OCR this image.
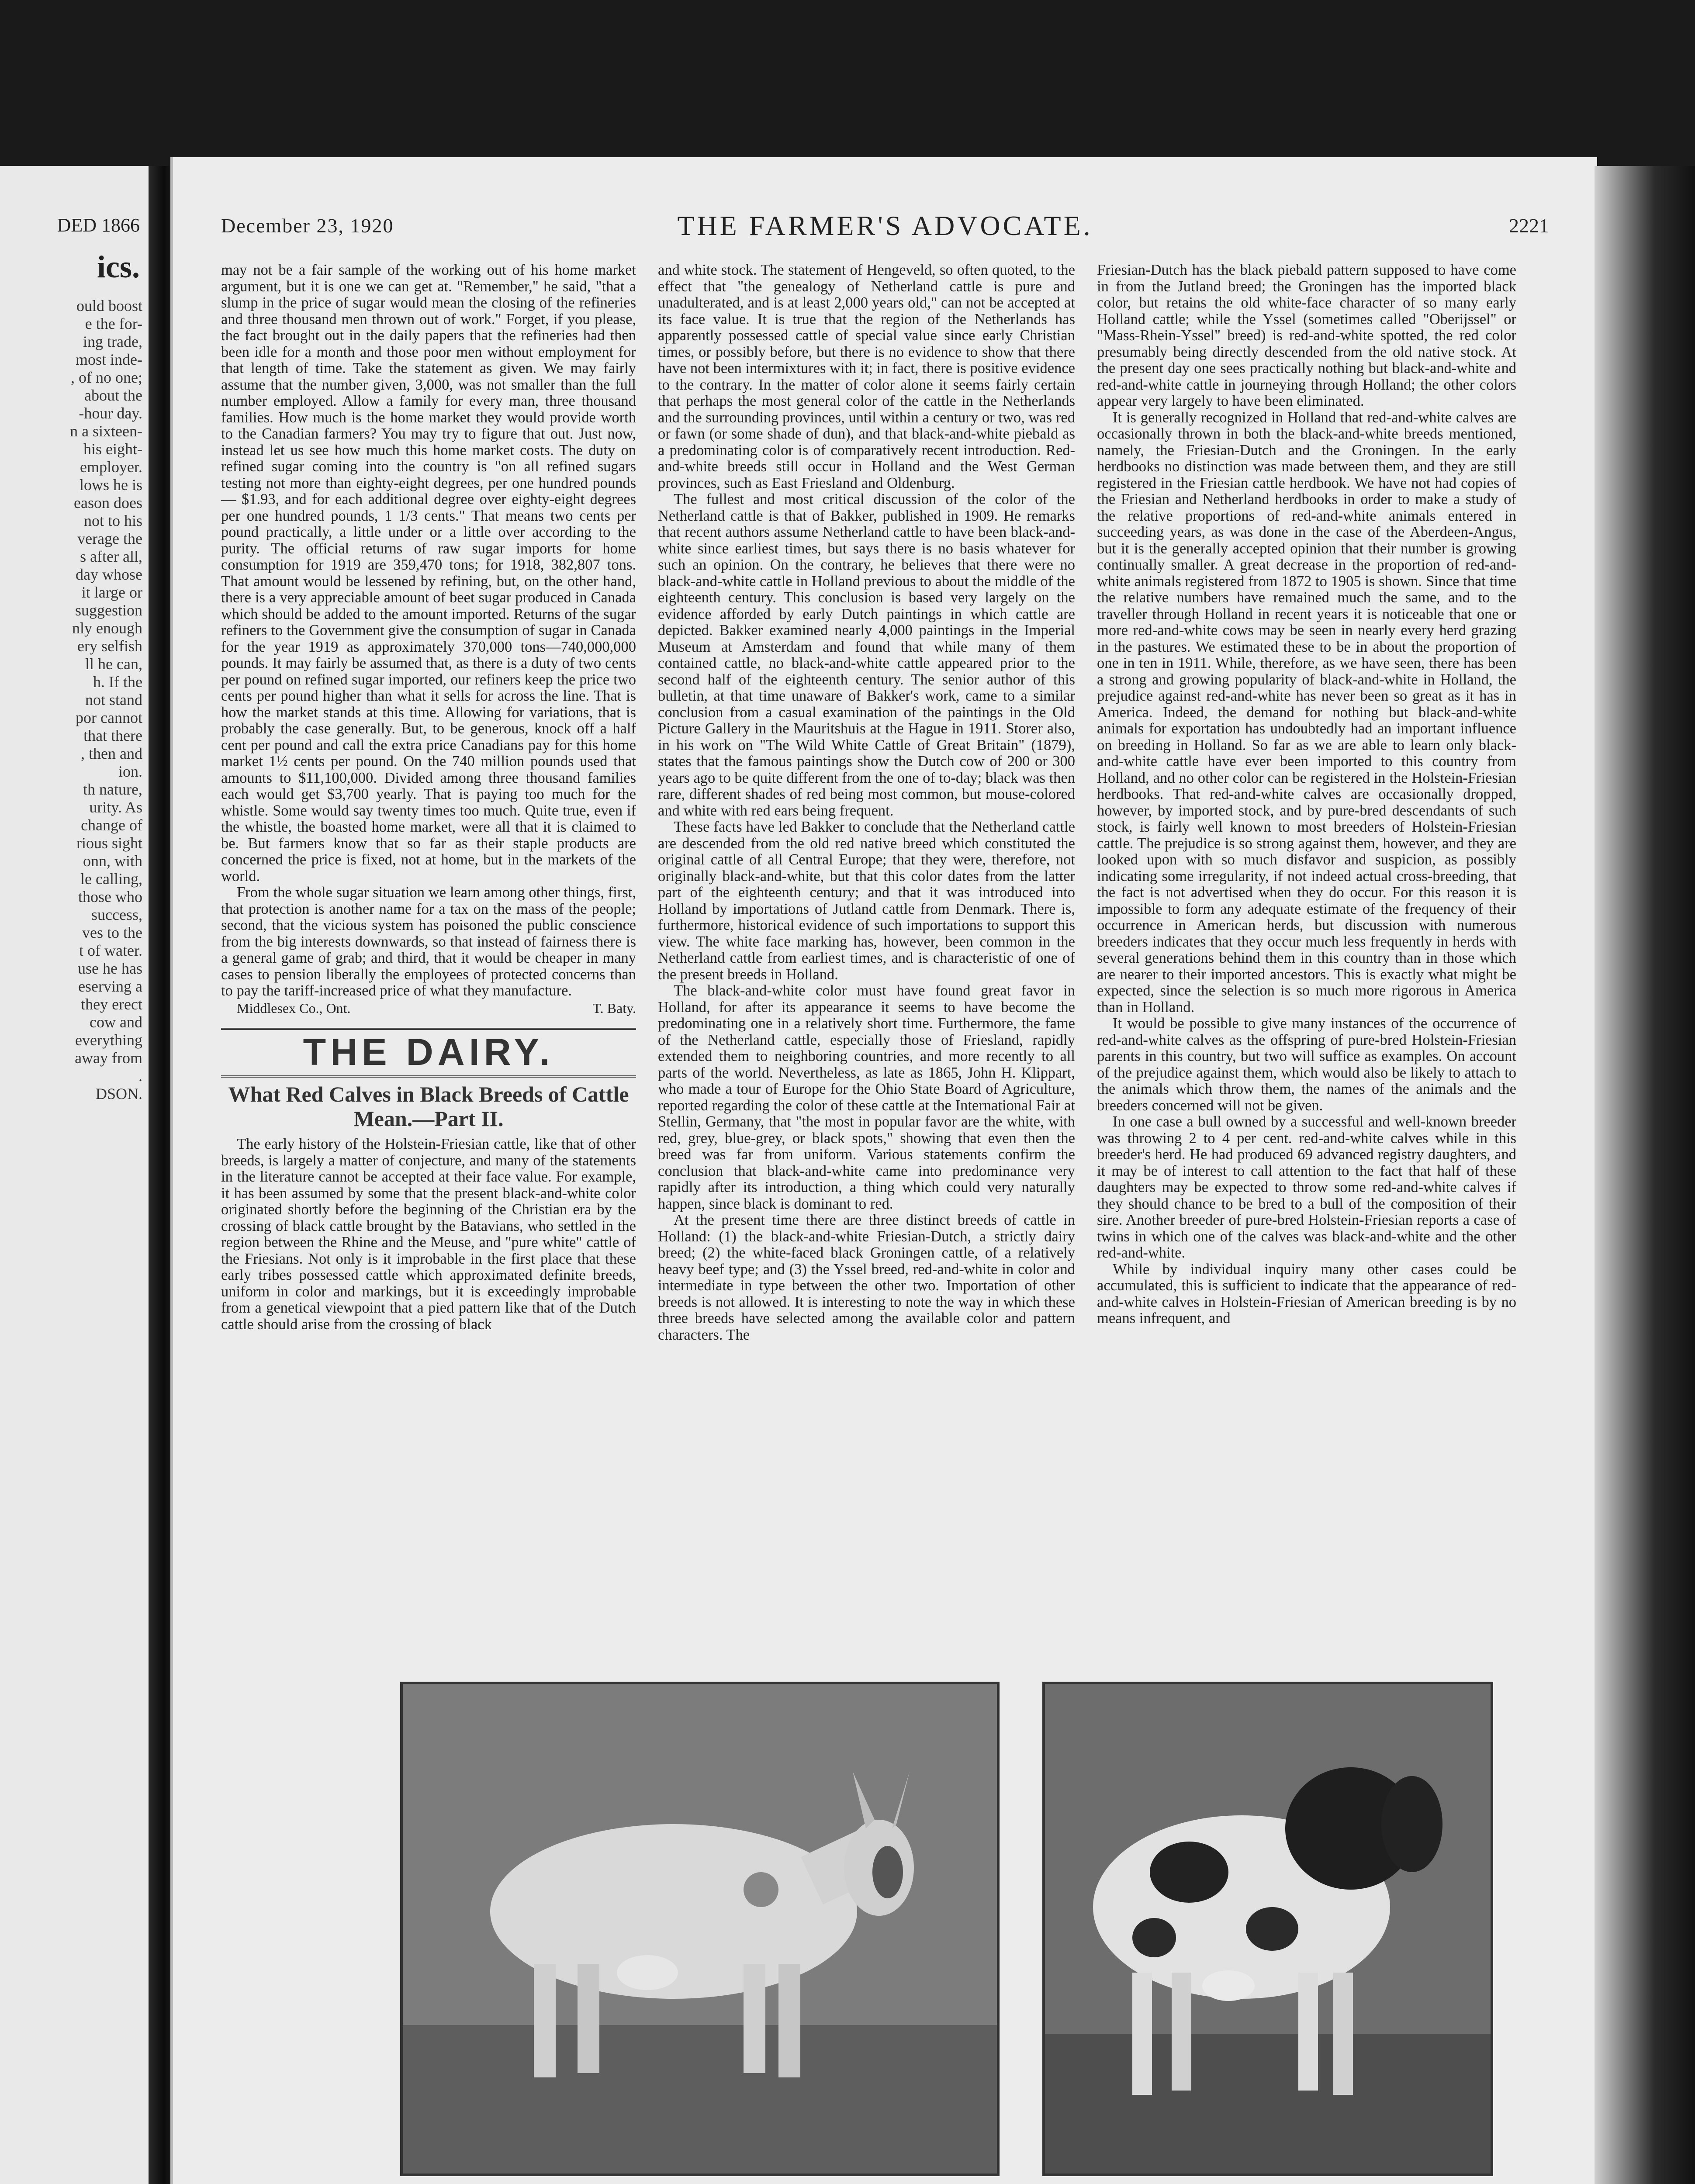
DED 1866
ics.
ould boost
e the for-
ing trade,
most inde-
, of no one;
about the
-hour day.
n a sixteen-
his eight-
employer.
lows he is
eason does
not to his
verage the
s after all,
day whose
it large or
suggestion
nly enough
ery selfish
ll he can,
h. If the
not stand
por cannot
that there
, then and
ion.
th nature,
urity. As
change of
rious sight
onn, with
le calling,
those who
success,
ves to the
t of water.
use he has
eserving a
they erect
cow and
everything
away from
.
DSON.
December 23, 1920	THE FARMER'S ADVOCATE.	2221

may not be a fair sample of the working out of his home market argument, but it is one we can get at. "Remember," he said, "that a slump in the price of sugar would mean the closing of the refineries and three thousand men thrown out of work." Forget, if you please, the fact brought out in the daily papers that the refineries had then been idle for a month and those poor men without employment for that length of time. Take the statement as given. We may fairly assume that the number given, 3,000, was not smaller than the full number employed. Allow a family for every man, three thousand families. How much is the home market they would provide worth to the Canadian farmers? You may try to figure that out. Just now, instead let us see how much this home market costs. The duty on refined sugar coming into the country is "on all refined sugars testing not more than eighty-eight degrees, per one hundred pounds— $1.93, and for each additional degree over eighty-eight degrees per one hundred pounds, 1 1/3 cents." That means two cents per pound practically, a little under or a little over according to the purity. The official returns of raw sugar imports for home consumption for 1919 are 359,470 tons; for 1918, 382,807 tons. That amount would be lessened by refining, but, on the other hand, there is a very appreciable amount of beet sugar produced in Canada which should be added to the amount imported. Returns of the sugar refiners to the Government give the consumption of sugar in Canada for the year 1919 as approximately 370,000 tons—740,000,000 pounds. It may fairly be assumed that, as there is a duty of two cents per pound on refined sugar imported, our refiners keep the price two cents per pound higher than what it sells for across the line. That is how the market stands at this time. Allowing for variations, that is probably the case generally. But, to be generous, knock off a half cent per pound and call the extra price Canadians pay for this home market 1½ cents per pound. On the 740 million pounds used that amounts to $11,100,000. Divided among three thousand families each would get $3,700 yearly. That is paying too much for the whistle. Some would say twenty times too much. Quite true, even if the whistle, the boasted home market, were all that it is claimed to be. But farmers know that so far as their staple products are concerned the price is fixed, not at home, but in the markets of the world.

From the whole sugar situation we learn among other things, first, that protection is another name for a tax on the mass of the people; second, that the vicious system has poisoned the public conscience from the big interests downwards, so that instead of fairness there is a general game of grab; and third, that it would be cheaper in many cases to pension liberally the employees of protected concerns than to pay the tariff-increased price of what they manufacture.

Middlesex Co., Ont.	T. Baty.
THE DAIRY.
What Red Calves in Black Breeds of Cattle Mean.—Part II.

The early history of the Holstein-Friesian cattle, like that of other breeds, is largely a matter of conjecture, and many of the statements in the literature cannot be accepted at their face value. For example, it has been assumed by some that the present black-and-white color originated shortly before the beginning of the Christian era by the crossing of black cattle brought by the Batavians, who settled in the region between the Rhine and the Meuse, and "pure white" cattle of the Friesians. Not only is it improbable in the first place that these early tribes possessed cattle which approximated definite breeds, uniform in color and markings, but it is exceedingly improbable from a genetical viewpoint that a pied pattern like that of the Dutch cattle should arise from the crossing of black

and white stock. The statement of Hengeveld, so often quoted, to the effect that "the genealogy of Netherland cattle is pure and unadulterated, and is at least 2,000 years old," can not be accepted at its face value. It is true that the region of the Netherlands has apparently possessed cattle of special value since early Christian times, or possibly before, but there is no evidence to show that there have not been intermixtures with it; in fact, there is positive evidence to the contrary. In the matter of color alone it seems fairly certain that perhaps the most general color of the cattle in the Netherlands and the surrounding provinces, until within a century or two, was red or fawn (or some shade of dun), and that black-and-white piebald as a predominating color is of comparatively recent introduction. Red-and-white breeds still occur in Holland and the West German provinces, such as East Friesland and Oldenburg.

The fullest and most critical discussion of the color of the Netherland cattle is that of Bakker, published in 1909. He remarks that recent authors assume Netherland cattle to have been black-and-white since earliest times, but says there is no basis whatever for such an opinion. On the contrary, he believes that there were no black-and-white cattle in Holland previous to about the middle of the eighteenth century. This conclusion is based very largely on the evidence afforded by early Dutch paintings in which cattle are depicted. Bakker examined nearly 4,000 paintings in the Imperial Museum at Amsterdam and found that while many of them contained cattle, no black-and-white cattle appeared prior to the second half of the eighteenth century. The senior author of this bulletin, at that time unaware of Bakker's work, came to a similar conclusion from a casual examination of the paintings in the Old Picture Gallery in the Mauritshuis at the Hague in 1911. Storer also, in his work on "The Wild White Cattle of Great Britain" (1879), states that the famous paintings show the Dutch cow of 200 or 300 years ago to be quite different from the one of to-day; black was then rare, different shades of red being most common, but mouse-colored and white with red ears being frequent.

These facts have led Bakker to conclude that the Netherland cattle are descended from the old red native breed which constituted the original cattle of all Central Europe; that they were, therefore, not originally black-and-white, but that this color dates from the latter part of the eighteenth century; and that it was introduced into Holland by importations of Jutland cattle from Denmark. There is, furthermore, historical evidence of such importations to support this view. The white face marking has, however, been common in the Netherland cattle from earliest times, and is characteristic of one of the present breeds in Holland.

The black-and-white color must have found great favor in Holland, for after its appearance it seems to have become the predominating one in a relatively short time. Furthermore, the fame of the Netherland cattle, especially those of Friesland, rapidly extended them to neighboring countries, and more recently to all parts of the world. Nevertheless, as late as 1865, John H. Klippart, who made a tour of Europe for the Ohio State Board of Agriculture, reported regarding the color of these cattle at the International Fair at Stellin, Germany, that "the most in popular favor are the white, with red, grey, blue-grey, or black spots," showing that even then the breed was far from uniform. Various statements confirm the conclusion that black-and-white came into predominance very rapidly after its introduction, a thing which could very naturally happen, since black is dominant to red.

At the present time there are three distinct breeds of cattle in Holland: (1) the black-and-white Friesian-Dutch, a strictly dairy breed; (2) the white-faced black Groningen cattle, of a relatively heavy beef type; and (3) the Yssel breed, red-and-white in color and intermediate in type between the other two. Importation of other breeds is not allowed. It is interesting to note the way in which these three breeds have selected among the available color and pattern characters. The

Friesian-Dutch has the black piebald pattern supposed to have come in from the Jutland breed; the Groningen has the imported black color, but retains the old white-face character of so many early Holland cattle; while the Yssel (sometimes called "Oberijssel" or "Mass-Rhein-Yssel" breed) is red-and-white spotted, the red color presumably being directly descended from the old native stock. At the present day one sees practically nothing but black-and-white and red-and-white cattle in journeying through Holland; the other colors appear very largely to have been eliminated.

It is generally recognized in Holland that red-and-white calves are occasionally thrown in both the black-and-white breeds mentioned, namely, the Friesian-Dutch and the Groningen. In the early herdbooks no distinction was made between them, and they are still registered in the Friesian cattle herdbook. We have not had copies of the Friesian and Netherland herdbooks in order to make a study of the relative proportions of red-and-white animals entered in succeeding years, as was done in the case of the Aberdeen-Angus, but it is the generally accepted opinion that their number is growing continually smaller. A great decrease in the proportion of red-and-white animals registered from 1872 to 1905 is shown. Since that time the relative numbers have remained much the same, and to the traveller through Holland in recent years it is noticeable that one or more red-and-white cows may be seen in nearly every herd grazing in the pastures. We estimated these to be in about the proportion of one in ten in 1911. While, therefore, as we have seen, there has been a strong and growing popularity of black-and-white in Holland, the prejudice against red-and-white has never been so great as it has in America. Indeed, the demand for nothing but black-and-white animals for exportation has undoubtedly had an important influence on breeding in Holland. So far as we are able to learn only black-and-white cattle have ever been imported to this country from Holland, and no other color can be registered in the Holstein-Friesian herdbooks. That red-and-white calves are occasionally dropped, however, by imported stock, and by pure-bred descendants of such stock, is fairly well known to most breeders of Holstein-Friesian cattle. The prejudice is so strong against them, however, and they are looked upon with so much disfavor and suspicion, as possibly indicating some irregularity, if not indeed actual cross-breeding, that the fact is not advertised when they do occur. For this reason it is impossible to form any adequate estimate of the frequency of their occurrence in American herds, but discussion with numerous breeders indicates that they occur much less frequently in herds with several generations behind them in this country than in those which are nearer to their imported ancestors. This is exactly what might be expected, since the selection is so much more rigorous in America than in Holland.

It would be possible to give many instances of the occurrence of red-and-white calves as the offspring of pure-bred Holstein-Friesian parents in this country, but two will suffice as examples. On account of the prejudice against them, which would also be likely to attach to the animals which throw them, the names of the animals and the breeders concerned will not be given.

In one case a bull owned by a successful and well-known breeder was throwing 2 to 4 per cent. red-and-white calves while in this breeder's herd. He had produced 69 advanced registry daughters, and it may be of interest to call attention to the fact that half of these daughters may be expected to throw some red-and-white calves if they should chance to be bred to a bull of the composition of their sire. Another breeder of pure-bred Holstein-Friesian reports a case of twins in which one of the calves was black-and-white and the other red-and-white.

While by individual inquiry many other cases could be accumulated, this is sufficient to indicate that the appearance of red-and-white calves in Holstein-Friesian of American breeding is by no means infrequent, and
